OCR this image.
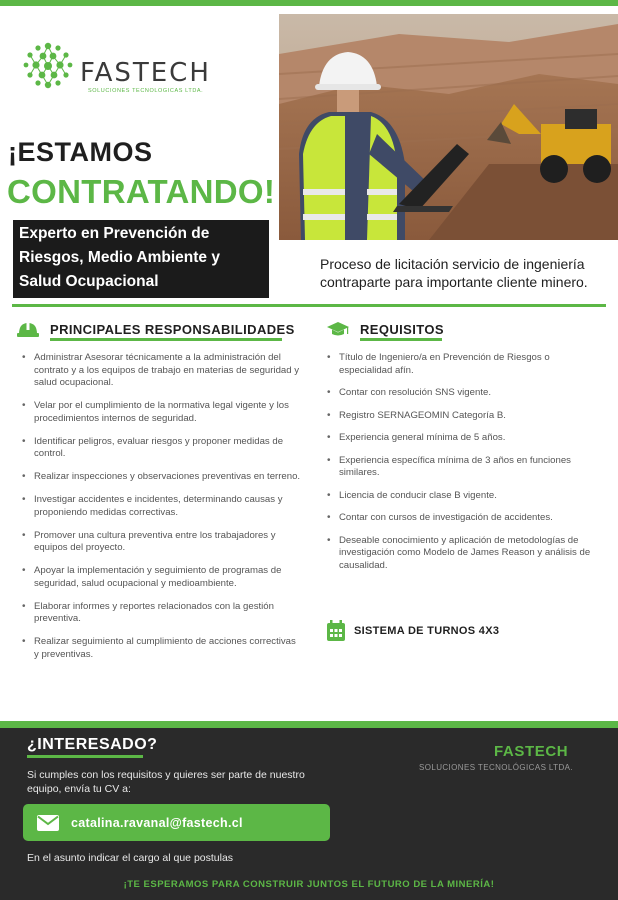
FASTECH
SOLUCIONES TECNOLOGICAS LTDA.
¡ESTAMOS
CONTRATANDO!
Experto en Prevención de Riesgos, Medio Ambiente y Salud Ocupacional
Proceso de licitación servicio de ingeniería contraparte para importante cliente minero.
PRINCIPALES RESPONSABILIDADES
• Administrar Asesorar técnicamente a la administración del contrato y a los equipos de trabajo en materias de seguridad y salud ocupacional.
• Velar por el cumplimiento de la normativa legal vigente y los procedimientos internos de seguridad.
• Identificar peligros, evaluar riesgos y proponer medidas de control.
• Realizar inspecciones y observaciones preventivas en terreno.
• Investigar accidentes e incidentes, determinando causas y proponiendo medidas correctivas.
• Promover una cultura preventiva entre los trabajadores y equipos del proyecto.
• Apoyar la implementación y seguimiento de programas de seguridad, salud ocupacional y medioambiente.
• Elaborar informes y reportes relacionados con la gestión preventiva.
• Realizar seguimiento al cumplimiento de acciones correctivas y preventivas.
REQUISITOS
• Título de Ingeniero/a en Prevención de Riesgos o especialidad afín.
• Contar con resolución SNS vigente.
• Registro SERNAGEOMIN Categoría B.
• Experiencia general mínima de 5 años.
• Experiencia específica mínima de 3 años en funciones similares.
• Licencia de conducir clase B vigente.
• Contar con cursos de investigación de accidentes.
• Deseable conocimiento y aplicación de metodologías de investigación como Modelo de James Reason y análisis de causalidad.
SISTEMA DE TURNOS 4X3
¿INTERESADO?	FASTECH
SOLUCIONES TECNOLÓGICAS LTDA.
Si cumples con los requisitos y quieres ser parte de nuestro equipo, envía tu CV a:
catalina.ravanal@fastech.cl
En el asunto indicar el cargo al que postulas
¡TE ESPERAMOS PARA CONSTRUIR JUNTOS EL FUTURO DE LA MINERÍA!
